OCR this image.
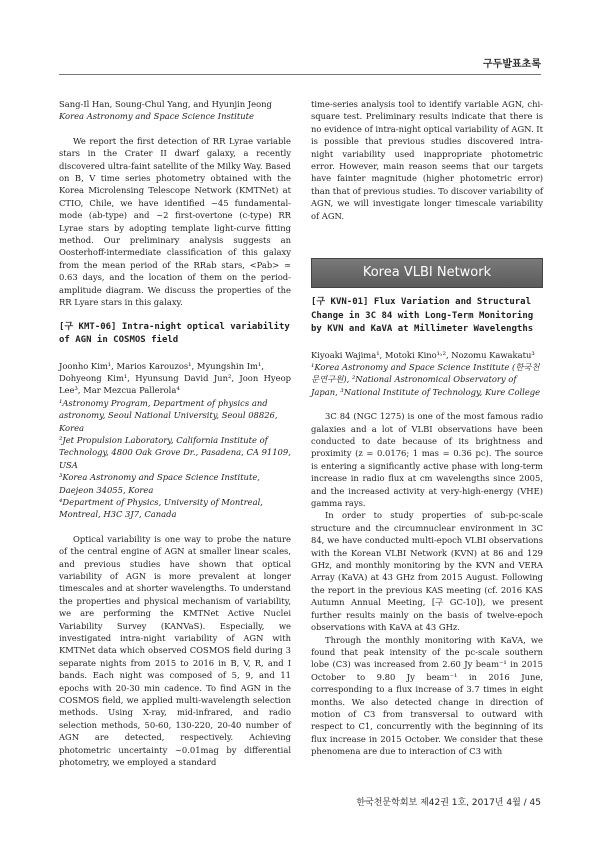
구두발표초록

Sang-Il Han, Soung-Chul Yang, and Hyunjin Jeong

Korea Astronomy and Space Science Institute

We report the first detection of RR Lyrae variable stars in the Crater II dwarf galaxy, a recently discovered ultra-faint satellite of the Milky Way. Based on B, V time series photometry obtained with the Korea Microlensing Telescope Network (KMTNet) at CTIO, Chile, we have identified ~45 fundamental-mode (ab-type) and ~2 first-overtone (c-type) RR Lyrae stars by adopting template light-curve fitting method. Our preliminary analysis suggests an Oosterhoff-intermediate classification of this galaxy from the mean period of the RRab stars, <Pab> ≃ 0.63 days, and the location of them on the period-amplitude diagram. We discuss the properties of the RR Lyare stars in this galaxy.

[구 KMT-06] Intra-night optical variability of AGN in COSMOS field

Joonho Kim¹, Marios Karouzos¹, Myungshin Im¹,

Dohyeong Kim¹, Hyunsung David Jun², Joon Hyeop Lee³, Mar Mezcua Pallerola⁴

¹Astronomy Program, Department of physics and astronomy, Seoul National University, Seoul 08826, Korea

²Jet Propulsion Laboratory, California Institute of Technology, 4800 Oak Grove Dr., Pasadena, CA 91109, USA

³Korea Astronomy and Space Science Institute, Daejeon 34055, Korea

⁴Department of Physics, University of Montreal, Montreal, H3C 3J7, Canada

Optical variability is one way to probe the nature of the central engine of AGN at smaller linear scales, and previous studies have shown that optical variability of AGN is more prevalent at longer timescales and at shorter wavelengths. To understand the properties and physical mechanism of variability, we are performing the KMTNet Active Nuclei Variability Survey (KANVaS). Especially, we investigated intra-night variability of AGN with KMTNet data which observed COSMOS field during 3 separate nights from 2015 to 2016 in B, V, R, and I bands. Each night was composed of 5, 9, and 11 epochs with 20-30 min cadence. To find AGN in the COSMOS field, we applied multi-wavelength selection methods. Using X-ray, mid-infrared, and radio selection methods, 50-60, 130-220, 20-40 number of AGN are detected, respectively. Achieving photometric uncertainty ~0.01mag by differential photometry, we employed a standard

time-series analysis tool to identify variable AGN, chi-square test. Preliminary results indicate that there is no evidence of intra-night optical variability of AGN. It is possible that previous studies discovered intra-night variability used inappropriate photometric error. However, main reason seems that our targets have fainter magnitude (higher photometric error) than that of previous studies. To discover variability of AGN, we will investigate longer timescale variability of AGN.

Korea VLBI Network

[구 KVN-01] Flux Variation and Structural Change in 3C 84 with Long-Term Monitoring by KVN and KaVA at Millimeter Wavelengths

Kiyoaki Wajima¹, Motoki Kino¹˒², Nozomu Kawakatu³

¹Korea Astronomy and Space Science Institute (한국천문연구원), ²National Astronomical Observatory of Japan, ³National Institute of Technology, Kure College

3C 84 (NGC 1275) is one of the most famous radio galaxies and a lot of VLBI observations have been conducted to date because of its brightness and proximity (z = 0.0176; 1 mas = 0.36 pc). The source is entering a significantly active phase with long-term increase in radio flux at cm wavelengths since 2005, and the increased activity at very-high-energy (VHE) gamma rays.

In order to study properties of sub-pc-scale structure and the circumnuclear environment in 3C 84, we have conducted multi-epoch VLBI observations with the Korean VLBI Network (KVN) at 86 and 129 GHz, and monthly monitoring by the KVN and VERA Array (KaVA) at 43 GHz from 2015 August. Following the report in the previous KAS meeting (cf. 2016 KAS Autumn Annual Meeting, [구 GC-10]), we present further results mainly on the basis of twelve-epoch observations with KaVA at 43 GHz.

Through the monthly monitoring with KaVA, we found that peak intensity of the pc-scale southern lobe (C3) was increased from 2.60 Jy beam⁻¹ in 2015 October to 9.80 Jy beam⁻¹ in 2016 June, corresponding to a flux increase of 3.7 times in eight months. We also detected change in direction of motion of C3 from transversal to outward with respect to C1, concurrently with the beginning of its flux increase in 2015 October. We consider that these phenomena are due to interaction of C3 with

한국천문학회보 제42권 1호, 2017년 4월 / 45
